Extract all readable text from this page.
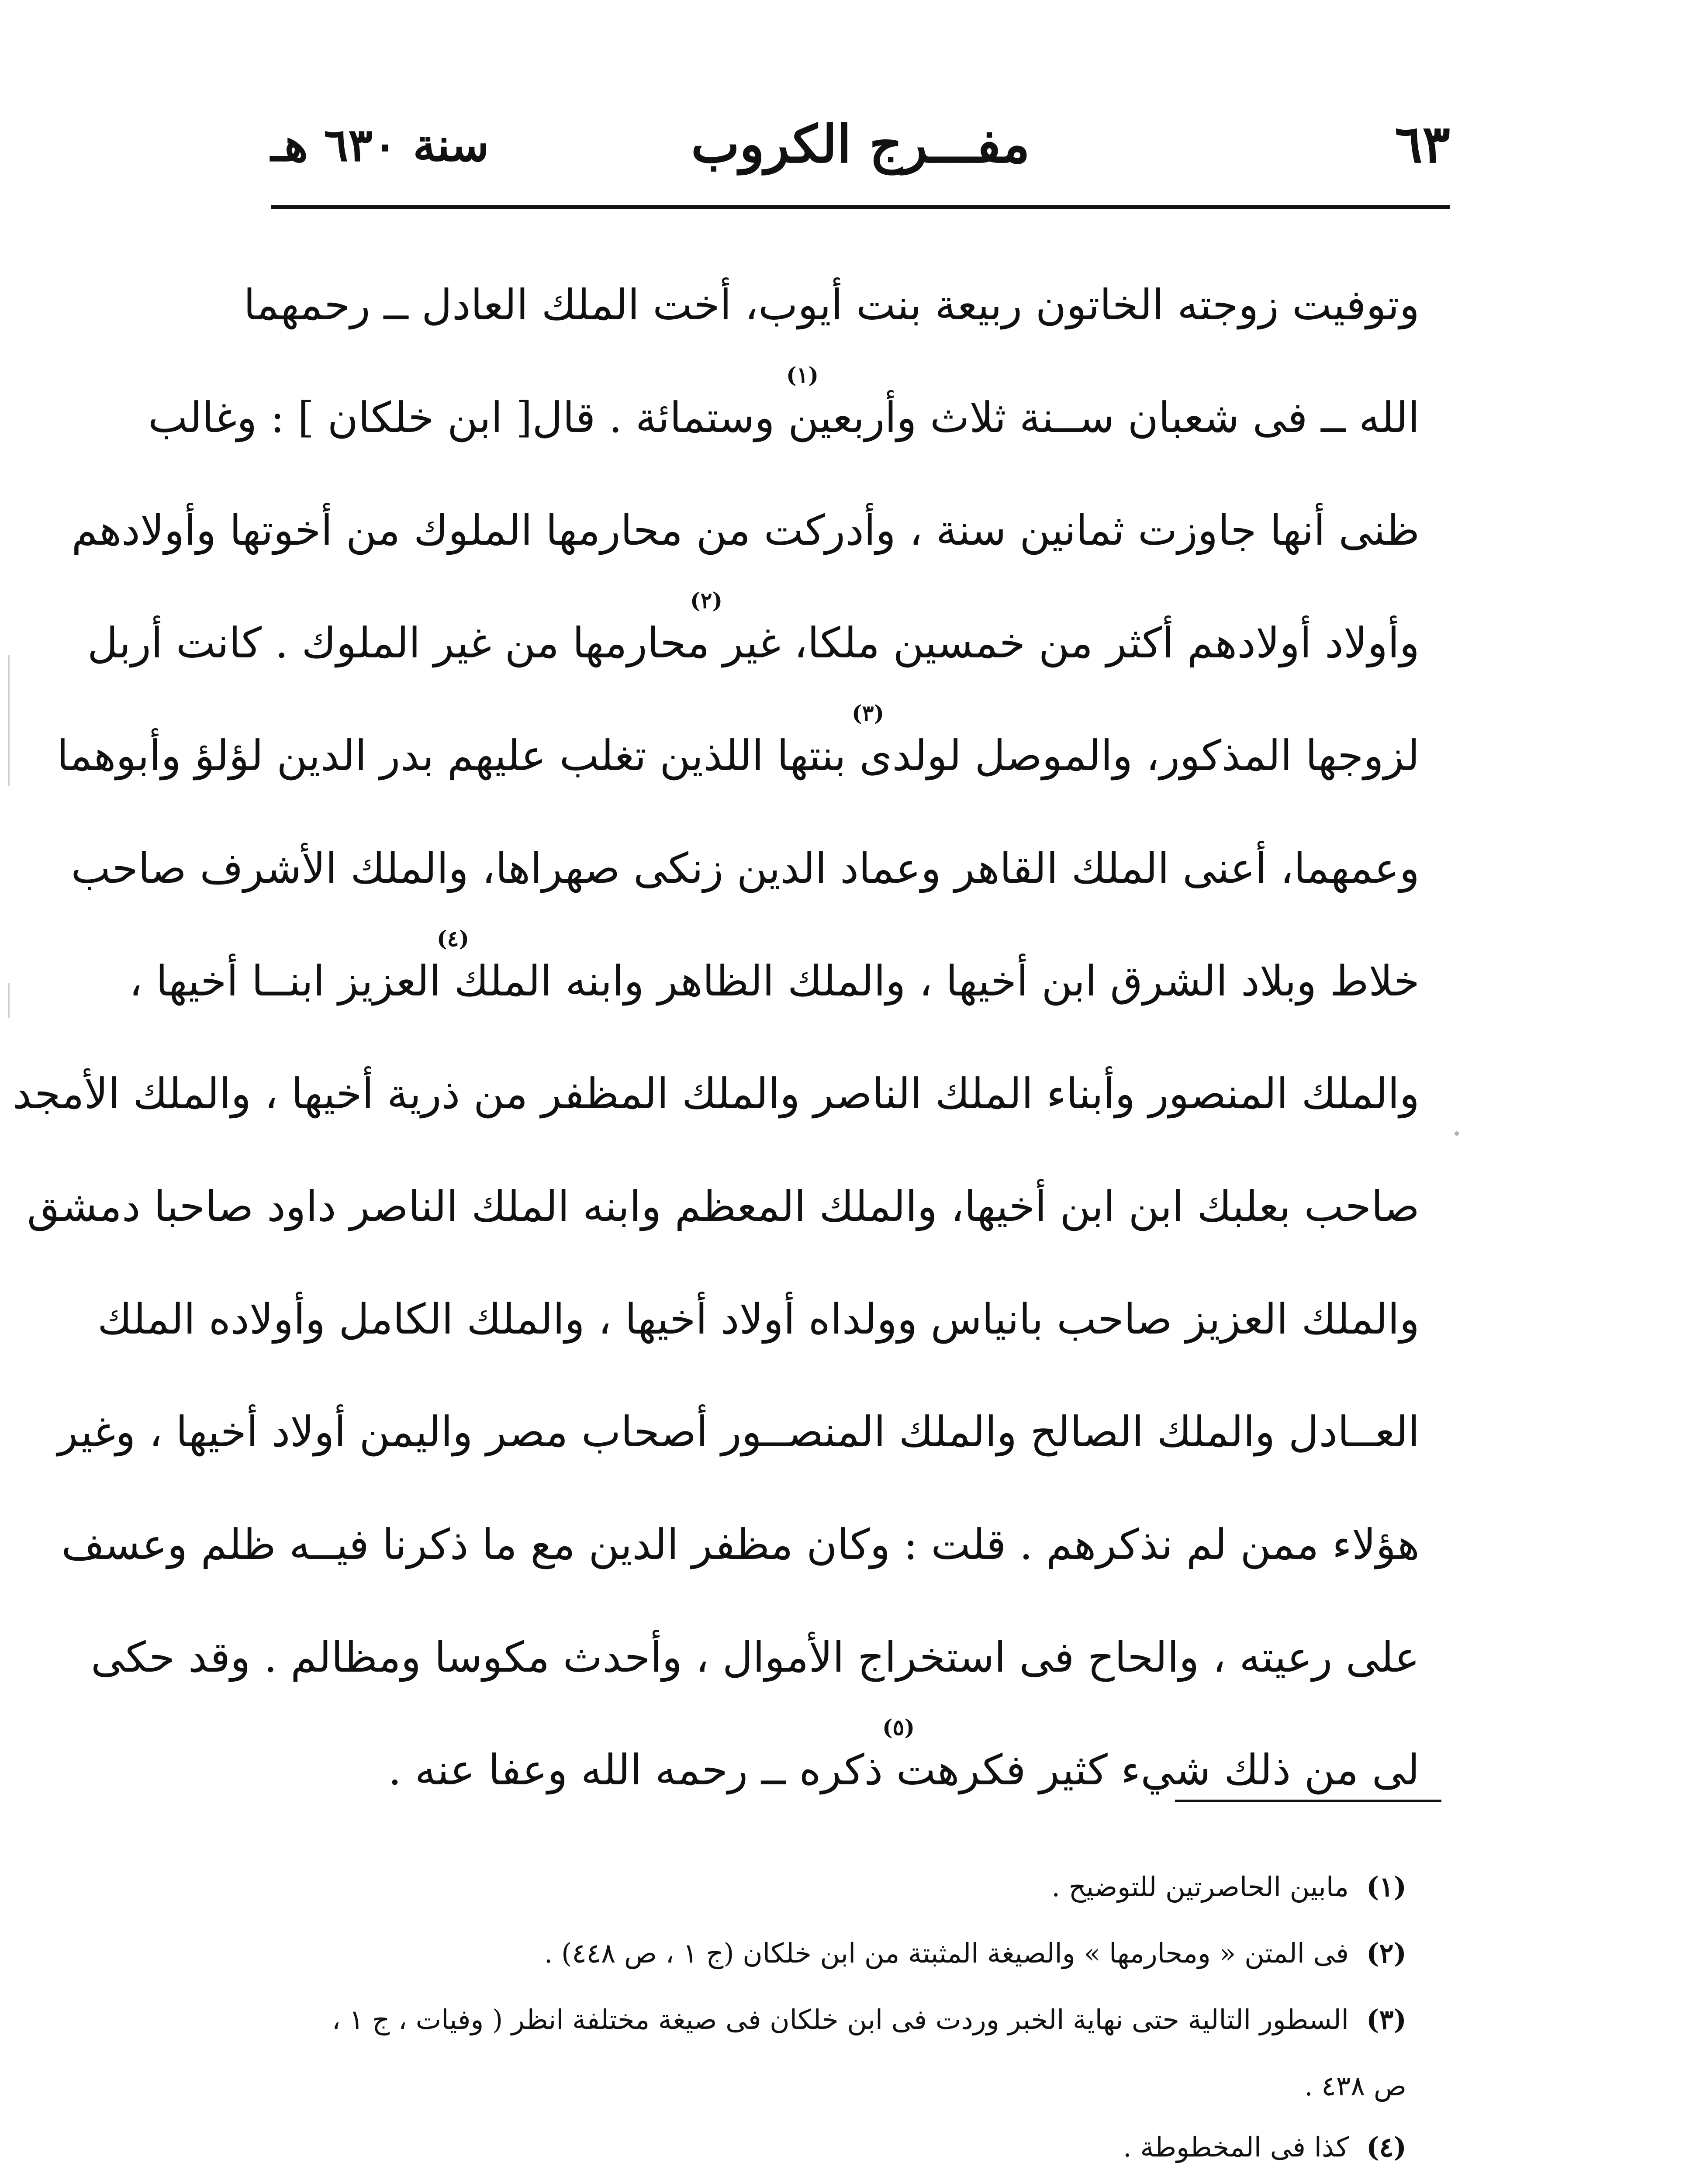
سنة ٦٣٠ هـ	مفـــرج الكروب	٦٣
وتوفيت زوجته الخاتون ربيعة بنت أيوب، أخت الملك العادل ــ رحمهما
الله ــ فى شعبان ســنة ثلاث وأربعين وستمائة . قال[ ابن خلكان ] : وغالب
(١)
ظنى أنها جاوزت ثمانين سنة ، وأدركت من محارمها الملوك من أخوتها وأولادهم
وأولاد أولادهم أكثر من خمسين ملكا، غير محارمها من غير الملوك . كانت أربل
(٢)
لزوجها المذكور، والموصل لولدى بنتها اللذين تغلب عليهم بدر الدين لؤلؤ وأبوهما
(٣)
وعمهما، أعنى الملك القاهر وعماد الدين زنكى صهراها، والملك الأشرف صاحب
خلاط وبلاد الشرق ابن أخيها ، والملك الظاهر وابنه الملك العزيز ابنــا أخيها ،
(٤)
والملك المنصور وأبناء الملك الناصر والملك المظفر من ذرية أخيها ، والملك الأمجد
صاحب بعلبك ابن ابن أخيها، والملك المعظم وابنه الملك الناصر داود صاحبا دمشق
والملك العزيز صاحب بانياس وولداه أولاد أخيها ، والملك الكامل وأولاده الملك
العــادل والملك الصالح والملك المنصــور أصحاب مصر واليمن أولاد أخيها ، وغير
هؤلاء ممن لم نذكرهم . قلت : وكان مظفر الدين مع ما ذكرنا فيــه ظلم وعسف
على رعيته ، والحاح فى استخراج الأموال ، وأحدث مكوسا ومظالم . وقد حكى
لى من ذلك شيء كثير فكرهت ذكره ــ رحمه الله وعفا عنه .
(٥)
(١)مابين الحاصرتين للتوضيح .
(٢)فى المتن « ومحارمها » والصيغة المثبتة من ابن خلكان (ج ١ ، ص ٤٤٨) .
(٣)السطور التالية حتى نهاية الخبر وردت فى ابن خلكان فى صيغة مختلفة انظر ( وفيات ، ج ١ ،
ص ٤٣٨ .
(٤)كذا فى المخطوطة .
